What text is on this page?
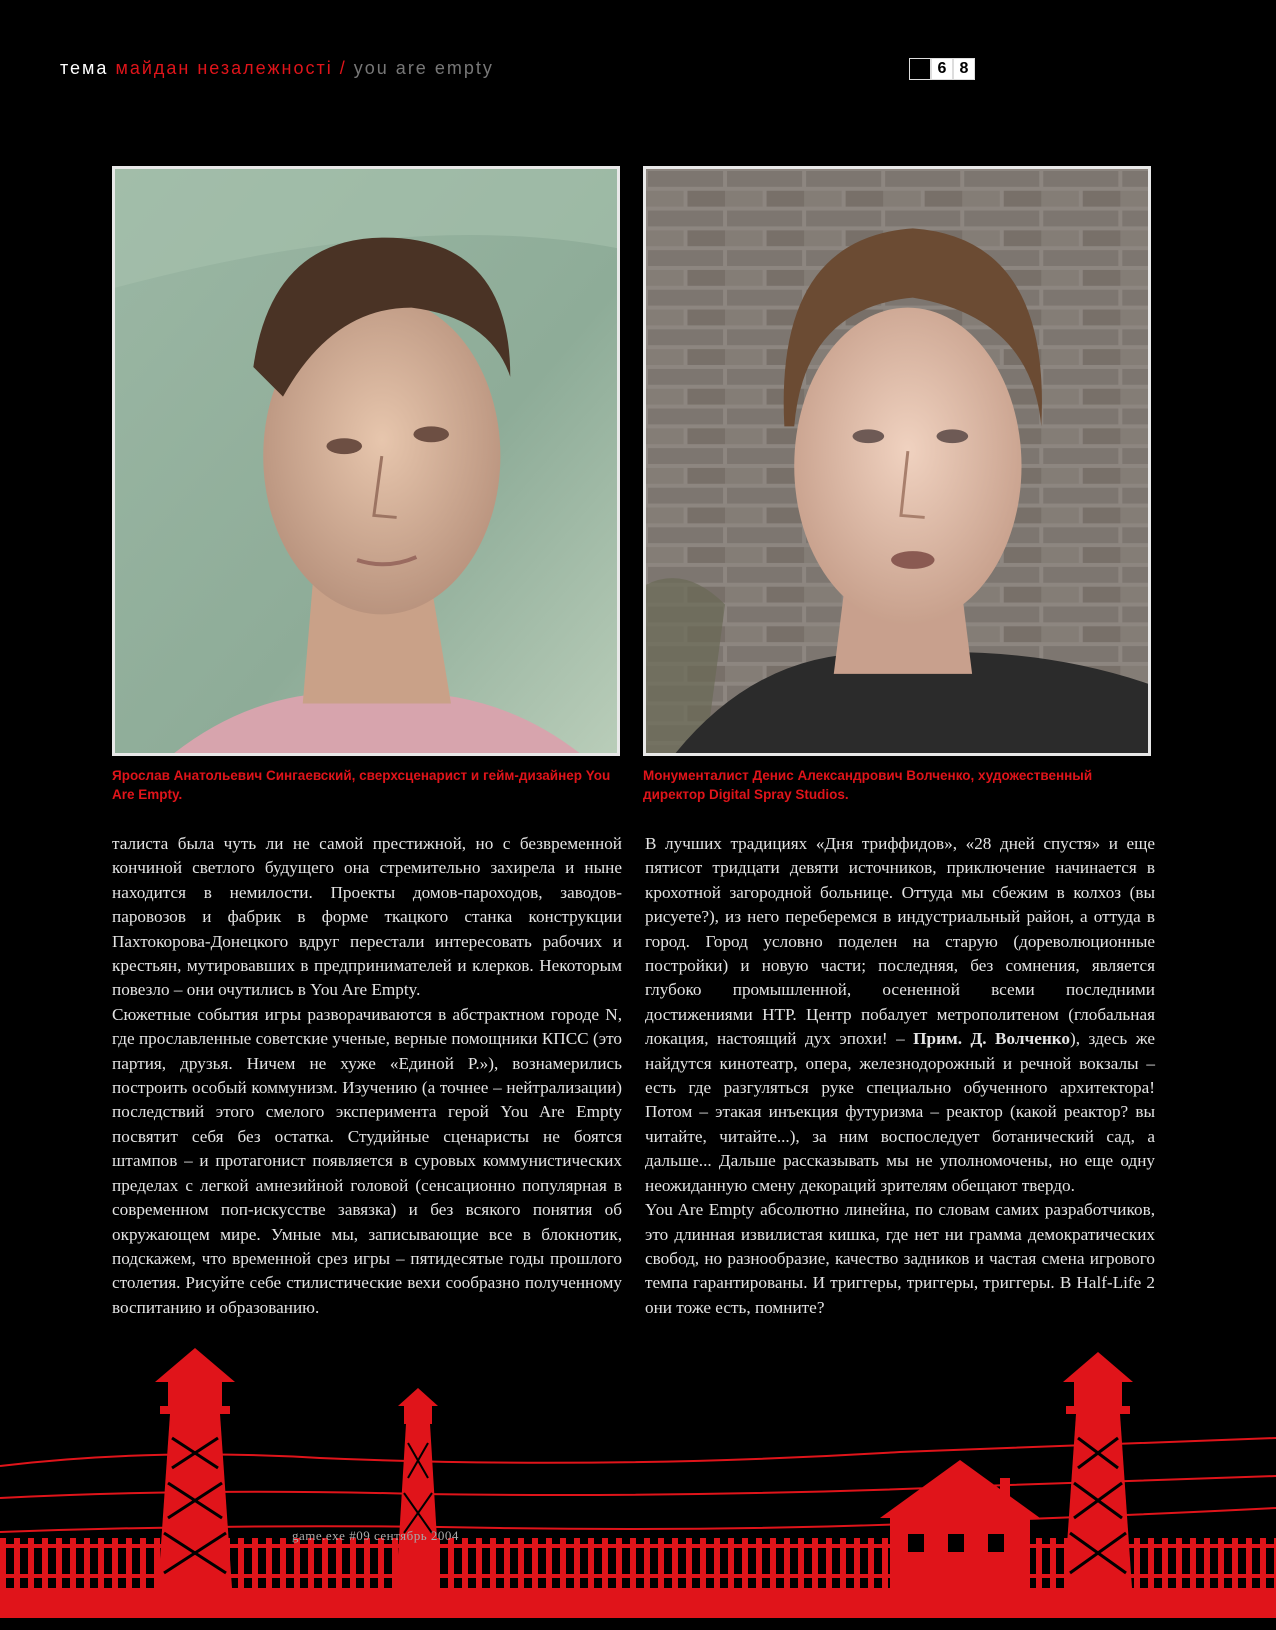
тема майдан незалежності / you are empty	6 8
Ярослав Анатольевич Сингаевский, сверхсценарист и гейм-дизайнер You Are Empty.
Монументалист Денис Александрович Волченко, художественный директор Digital Spray Studios.

талиста была чуть ли не самой престижной, но с безвременной кончиной светлого будущего она стремительно захирела и ныне находится в немилости. Проекты домов-пароходов, заводов-паровозов и фабрик в форме ткацкого станка конструкции Пахтокорова-Донецкого вдруг перестали интересовать рабочих и крестьян, мутировавших в предпринимателей и клерков. Некоторым повезло – они очутились в You Are Empty.

Сюжетные события игры разворачиваются в абстрактном городе N, где прославленные советские ученые, верные помощники КПСС (это партия, друзья. Ничем не хуже «Единой Р.»), вознамерились построить особый коммунизм. Изучению (а точнее – нейтрализации) последствий этого смелого эксперимента герой You Are Empty посвятит себя без остатка. Студийные сценаристы не боятся штампов – и протагонист появляется в суровых коммунистических пределах с легкой амнезийной головой (сенсационно популярная в современном поп-искусстве завязка) и без всякого понятия об окружающем мире. Умные мы, записывающие все в блокнотик, подскажем, что временной срез игры – пятидесятые годы прошлого столетия. Рисуйте себе стилистические вехи сообразно полученному воспитанию и образованию.

В лучших традициях «Дня триффидов», «28 дней спустя» и еще пятисот тридцати девяти источников, приключение начинается в крохотной загородной больнице. Оттуда мы сбежим в колхоз (вы рисуете?), из него переберемся в индустриальный район, а оттуда в город. Город условно поделен на старую (дореволюционные постройки) и новую части; последняя, без сомнения, является глубоко промышленной, осененной всеми последними достижениями НТР. Центр побалует метрополитеном (глобальная локация, настоящий дух эпохи! – Прим. Д. Волченко), здесь же найдутся кинотеатр, опера, железнодорожный и речной вокзалы – есть где разгуляться руке специально обученного архитектора! Потом – этакая инъекция футуризма – реактор (какой реактор? вы читайте, читайте...), за ним воспоследует ботанический сад, а дальше... Дальше рассказывать мы не уполномочены, но еще одну неожиданную смену декораций зрителям обещают твердо.

You Are Empty абсолютно линейна, по словам самих разработчиков, это длинная извилистая кишка, где нет ни грамма демократических свобод, но разнообразие, качество задников и частая смена игрового темпа гарантированы. И триггеры, триггеры, триггеры. В Half-Life 2 они тоже есть, помните?

game.exe #09 сентябрь 2004
